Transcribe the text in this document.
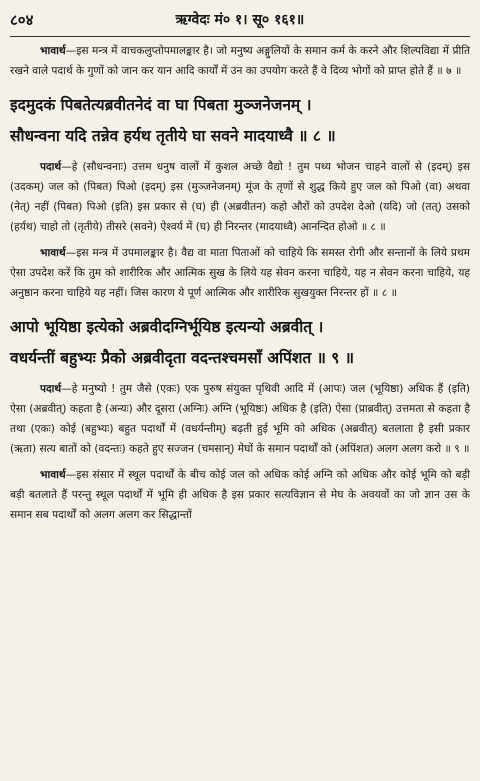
८०४	ऋग्वेदः मं० १। सू० १६१॥

भावार्थ—इस मन्त्र में वाचकलुप्तोपमालङ्कार है। जो मनुष्य अङ्गुलियों के समान कर्म के करने और शिल्पविद्या में प्रीति रखने वाले पदार्थ के गुणों को जान कर यान आदि कार्यों में उन का उपयोग करते हैं वे दिव्य भोगों को प्राप्त होते हैं ॥ ७ ॥

इदमुदकं पिबतेत्यब्रवीतनेदं वा घा पिबता मुञ्जनेजनम् ।

सौधन्वना यदि तन्नेव हर्यथ तृतीये घा सवने मादयाध्वै ॥ ८ ॥

पदार्थ—हे (सौधन्वनाः) उत्तम धनुष वालों में कुशल अच्छे वैद्यो ! तुम पथ्य भोजन चाहने वालों से (इदम्) इस (उदकम्) जल को (पिबत) पिओ (इदम्) इस (मुञ्जनेजनम्) मूंज के तृणों से शुद्ध किये हुए जल को पिओ (वा) अथवा (नेत्) नहीं (पिबत) पिओ (इति) इस प्रकार से (घ) ही (अब्रवीतन) कहो औरों को उपदेश देओ (यदि) जो (तत्) उसको (हर्यथ) चाहो तो (तृतीये) तीसरे (सवने) ऐश्वर्य में (घ) ही निरन्तर (मादयाध्वै) आनन्दित होओ ॥ ८ ॥

भावार्थ—इस मन्त्र में उपमालङ्कार है। वैद्य वा माता पिताओं को चाहिये कि समस्त रोगी और सन्तानों के लिये प्रथम ऐसा उपदेश करें कि तुम को शारीरिक और आत्मिक सुख के लिये यह सेवन करना चाहिये, यह न सेवन करना चाहिये, यह अनुष्ठान करना चाहिये यह नहीं। जिस कारण ये पूर्ण आत्मिक और शारीरिक सुखयुक्त निरन्तर हों ॥ ८ ॥

आपो भूयिष्ठा इत्येको अब्रवीदग्निर्भूयिष्ठ इत्यन्यो अब्रवीत् ।

वधर्यन्तीं बहुभ्यः प्रैको अब्रवीदृता वदन्तश्चमसाँ अपिंशत ॥ ९ ॥

पदार्थ—हे मनुष्यो ! तुम जैसे (एकः) एक पुरुष संयुक्त पृथिवी आदि में (आपः) जल (भूयिष्ठा) अधिक हैं (इति) ऐसा (अब्रवीत्) कहता है (अन्यः) और दूसरा (अग्निः) अग्नि (भूयिष्ठः) अधिक है (इति) ऐसा (प्राब्रवीत्) उत्तमता से कहता है तथा (एकः) कोई (बहुभ्यः) बहुत पदार्थों में (वधर्यन्तीम्) बढ़ती हुई भूमि को अधिक (अब्रवीत्) बतलाता है इसी प्रकार (ऋता) सत्य बातों को (वदन्तः) कहते हुए सज्जन (चमसान्) मेघों के समान पदार्थों को (अपिंशत) अलग अलग करो ॥ ९ ॥

भावार्थ—इस संसार में स्थूल पदार्थों के बीच कोई जल को अधिक कोई अग्नि को अधिक और कोई भूमि को बड़ी बड़ी बतलाते हैं परन्तु स्थूल पदार्थों में भूमि ही अधिक है इस प्रकार सत्यविज्ञान से मेघ के अवयवों का जो ज्ञान उस के समान सब पदार्थों को अलग अलग कर सिद्धान्तों
